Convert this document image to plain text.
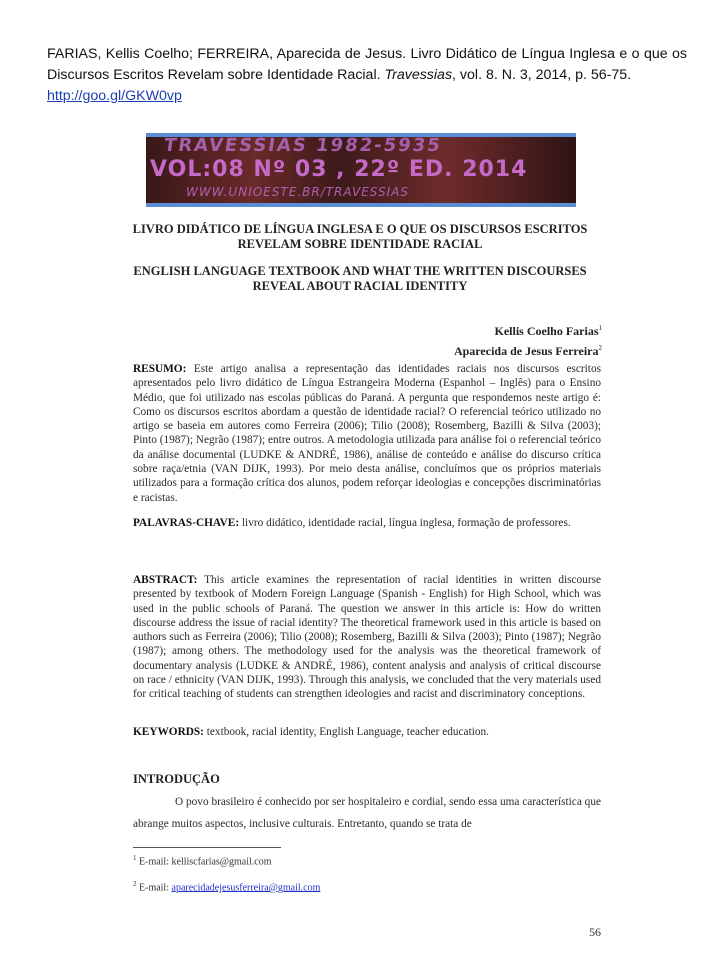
FARIAS, Kellis Coelho; FERREIRA, Aparecida de Jesus. Livro Didático de Língua Inglesa e o que os Discursos Escritos Revelam sobre Identidade Racial. Travessias, vol. 8. N. 3, 2014, p. 56-75.
http://goo.gl/GKW0vp
TRAVESSIAS 1982-5935
VOL:08 Nº 03 , 22º ED. 2014
WWW.UNIOESTE.BR/TRAVESSIAS
LIVRO DIDÁTICO DE LÍNGUA INGLESA E O QUE OS DISCURSOS ESCRITOS
REVELAM SOBRE IDENTIDADE RACIAL
ENGLISH LANGUAGE TEXTBOOK AND WHAT THE WRITTEN DISCOURSES
REVEAL ABOUT RACIAL IDENTITY
Kellis Coelho Farias$^1$
Aparecida de Jesus Ferreira$^2$
RESUMO: Este artigo analisa a representação das identidades raciais nos discursos escritos apresentados pelo livro didático de Língua Estrangeira Moderna (Espanhol – Inglês) para o Ensino Médio, que foi utilizado nas escolas públicas do Paraná. A pergunta que respondemos neste artigo é: Como os discursos escritos abordam a questão de identidade racial? O referencial teórico utilizado no artigo se baseia em autores como Ferreira (2006); Tilio (2008); Rosemberg, Bazilli & Silva (2003); Pinto (1987); Negrão (1987); entre outros. A metodologia utilizada para análise foi o referencial teórico da análise documental (LUDKE & ANDRÉ, 1986), análise de conteúdo e análise do discurso crítica sobre raça/etnia (VAN DIJK, 1993). Por meio desta análise, concluímos que os próprios materiais utilizados para a formação crítica dos alunos, podem reforçar ideologias e concepções discriminatórias e racistas.
PALAVRAS-CHAVE: livro didático, identidade racial, língua inglesa, formação de professores.
ABSTRACT: This article examines the representation of racial identities in written discourse presented by textbook of Modern Foreign Language (Spanish - English) for High School, which was used in the public schools of Paraná. The question we answer in this article is: How do written discourse address the issue of racial identity? The theoretical framework used in this article is based on authors such as Ferreira (2006); Tilio (2008); Rosemberg, Bazilli & Silva (2003); Pinto (1987); Negrão (1987); among others. The methodology used for the analysis was the theoretical framework of documentary analysis (LUDKE & ANDRÉ, 1986), content analysis and analysis of critical discourse on race / ethnicity (VAN DIJK, 1993). Through this analysis, we concluded that the very materials used for critical teaching of students can strengthen ideologies and racist and discriminatory conceptions.
KEYWORDS: textbook, racial identity, English Language, teacher education.
INTRODUÇÃO
O povo brasileiro é conhecido por ser hospitaleiro e cordial, sendo essa uma característica que abrange muitos aspectos, inclusive culturais. Entretanto, quando se trata de
$^1$ E-mail: kelliscfarias@gmail.com
$^2$ E-mail: aparecidadejesusferreira@gmail.com
56
